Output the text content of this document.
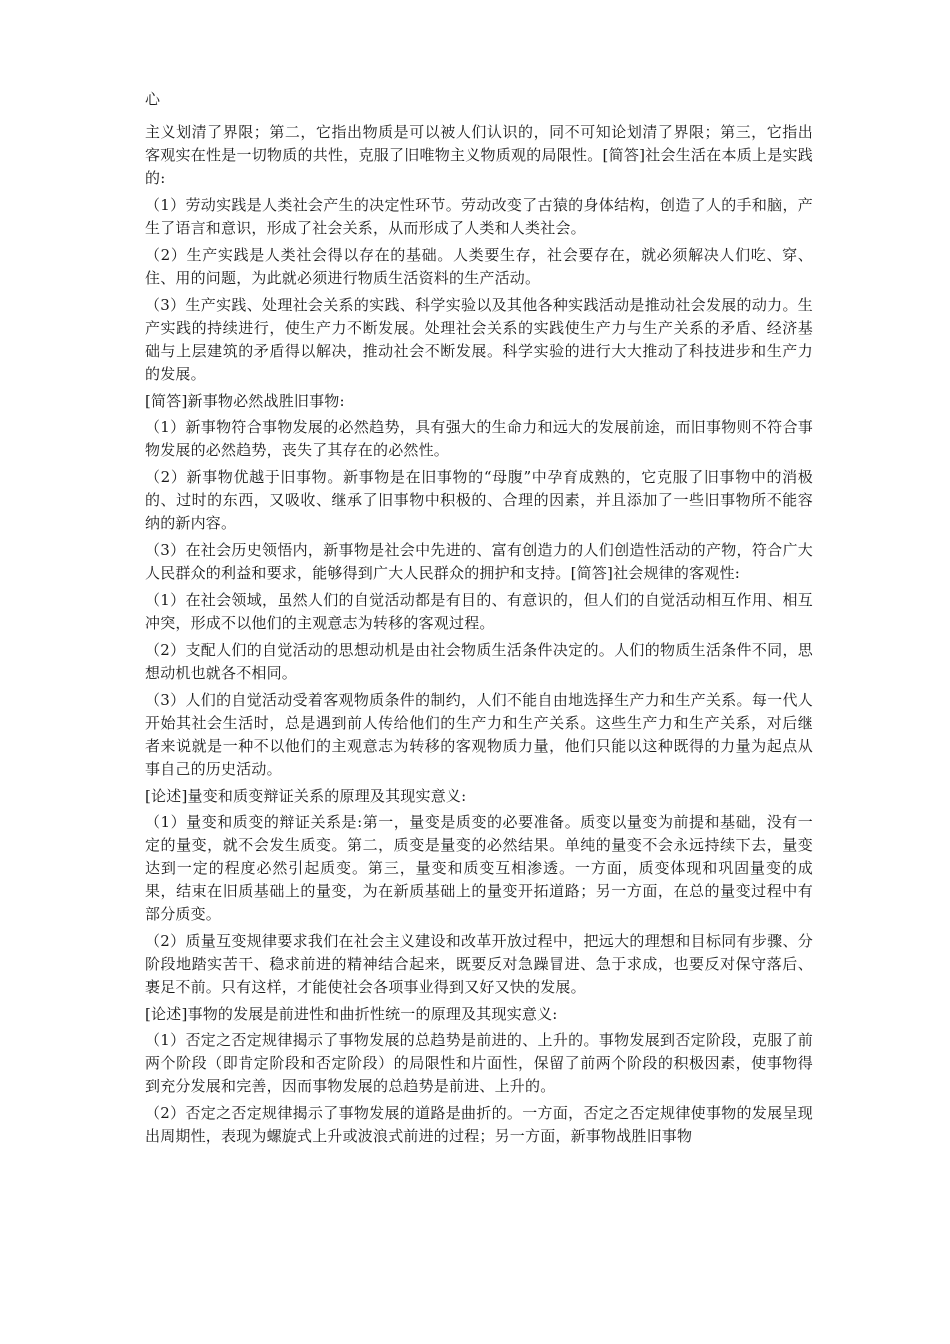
心

主义划清了界限；第二，它指出物质是可以被人们认识的，同不可知论划清了界限；第三，它指出客观实在性是一切物质的共性，克服了旧唯物主义物质观的局限性。[简答]社会生活在本质上是实践的:

（1）劳动实践是人类社会产生的决定性环节。劳动改变了古猿的身体结构，创造了人的手和脑，产生了语言和意识，形成了社会关系，从而形成了人类和人类社会。

（2）生产实践是人类社会得以存在的基础。人类要生存，社会要存在，就必须解决人们吃、穿、住、用的问题，为此就必须进行物质生活资料的生产活动。

（3）生产实践、处理社会关系的实践、科学实验以及其他各种实践活动是推动社会发展的动力。生产实践的持续进行，使生产力不断发展。处理社会关系的实践使生产力与生产关系的矛盾、经济基础与上层建筑的矛盾得以解决，推动社会不断发展。科学实验的进行大大推动了科技进步和生产力的发展。

[简答]新事物必然战胜旧事物:

（1）新事物符合事物发展的必然趋势，具有强大的生命力和远大的发展前途，而旧事物则不符合事物发展的必然趋势，丧失了其存在的必然性。

（2）新事物优越于旧事物。新事物是在旧事物的“母腹”中孕育成熟的，它克服了旧事物中的消极的、过时的东西，又吸收、继承了旧事物中积极的、合理的因素，并且添加了一些旧事物所不能容纳的新内容。

（3）在社会历史领悟内，新事物是社会中先进的、富有创造力的人们创造性活动的产物，符合广大人民群众的利益和要求，能够得到广大人民群众的拥护和支持。[简答]社会规律的客观性:

（1）在社会领域，虽然人们的自觉活动都是有目的、有意识的，但人们的自觉活动相互作用、相互冲突，形成不以他们的主观意志为转移的客观过程。

（2）支配人们的自觉活动的思想动机是由社会物质生活条件决定的。人们的物质生活条件不同，思想动机也就各不相同。

（3）人们的自觉活动受着客观物质条件的制约，人们不能自由地选择生产力和生产关系。每一代人开始其社会生活时，总是遇到前人传给他们的生产力和生产关系。这些生产力和生产关系，对后继者来说就是一种不以他们的主观意志为转移的客观物质力量，他们只能以这种既得的力量为起点从事自己的历史活动。

[论述]量变和质变辩证关系的原理及其现实意义:

（1）量变和质变的辩证关系是:第一，量变是质变的必要准备。质变以量变为前提和基础，没有一定的量变，就不会发生质变。第二，质变是量变的必然结果。单纯的量变不会永远持续下去，量变达到一定的程度必然引起质变。第三，量变和质变互相渗透。一方面，质变体现和巩固量变的成果，结束在旧质基础上的量变，为在新质基础上的量变开拓道路；另一方面，在总的量变过程中有部分质变。

（2）质量互变规律要求我们在社会主义建设和改革开放过程中，把远大的理想和目标同有步骤、分阶段地踏实苦干、稳求前进的精神结合起来，既要反对急躁冒进、急于求成，也要反对保守落后、裹足不前。只有这样，才能使社会各项事业得到又好又快的发展。

[论述]事物的发展是前进性和曲折性统一的原理及其现实意义:

（1）否定之否定规律揭示了事物发展的总趋势是前进的、上升的。事物发展到否定阶段，克服了前两个阶段（即肯定阶段和否定阶段）的局限性和片面性，保留了前两个阶段的积极因素，使事物得到充分发展和完善，因而事物发展的总趋势是前进、上升的。

（2）否定之否定规律揭示了事物发展的道路是曲折的。一方面，否定之否定规律使事物的发展呈现出周期性，表现为螺旋式上升或波浪式前进的过程；另一方面，新事物战胜旧事物
